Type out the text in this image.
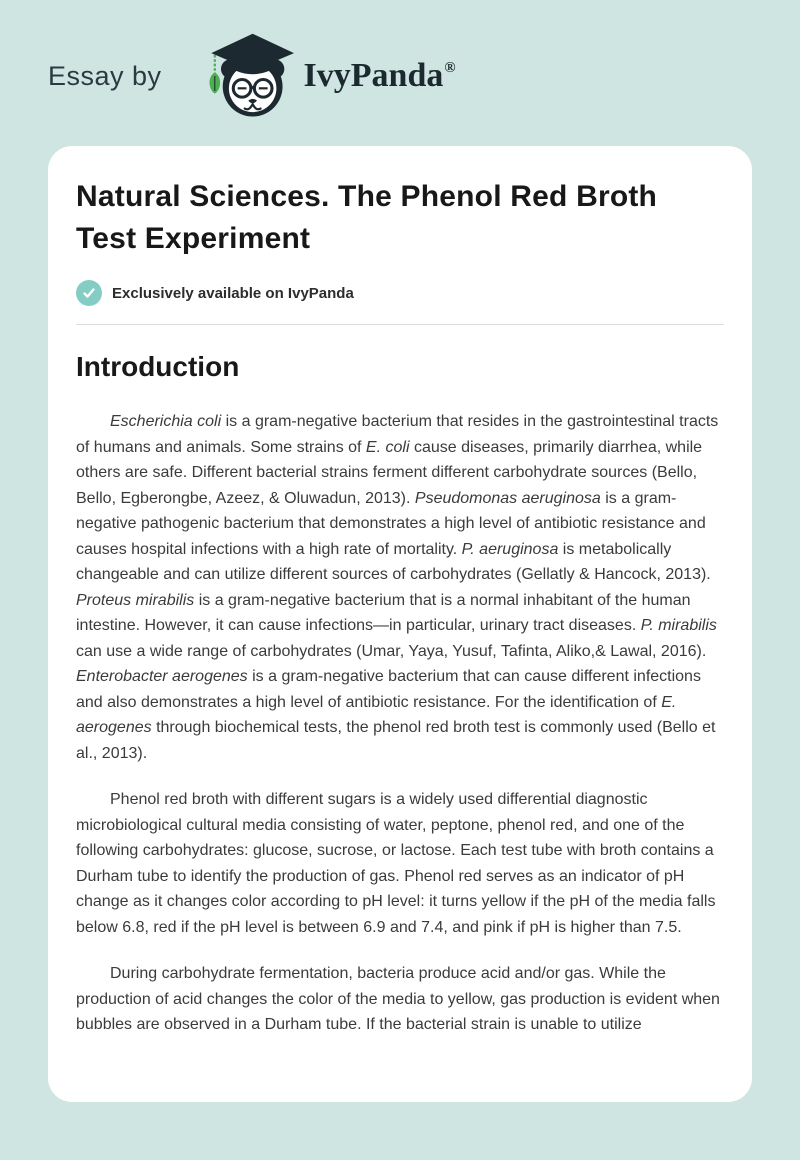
Essay by	IvyPanda®
Natural Sciences. The Phenol Red Broth Test Experiment
Exclusively available on IvyPanda
Introduction

Escherichia coli is a gram-negative bacterium that resides in the gastrointestinal tracts of humans and animals. Some strains of E. coli cause diseases, primarily diarrhea, while others are safe. Different bacterial strains ferment different carbohydrate sources (Bello, Bello, Egberongbe, Azeez, & Oluwadun, 2013). Pseudomonas aeruginosa is a gram-negative pathogenic bacterium that demonstrates a high level of antibiotic resistance and causes hospital infections with a high rate of mortality. P. aeruginosa is metabolically changeable and can utilize different sources of carbohydrates (Gellatly & Hancock, 2013). Proteus mirabilis is a gram-negative bacterium that is a normal inhabitant of the human intestine. However, it can cause infections—in particular, urinary tract diseases. P. mirabilis can use a wide range of carbohydrates (Umar, Yaya, Yusuf, Tafinta, Aliko,& Lawal, 2016). Enterobacter aerogenes is a gram-negative bacterium that can cause different infections and also demonstrates a high level of antibiotic resistance. For the identification of E. aerogenes through biochemical tests, the phenol red broth test is commonly used (Bello et al., 2013).

Phenol red broth with different sugars is a widely used differential diagnostic microbiological cultural media consisting of water, peptone, phenol red, and one of the following carbohydrates: glucose, sucrose, or lactose. Each test tube with broth contains a Durham tube to identify the production of gas. Phenol red serves as an indicator of pH change as it changes color according to pH level: it turns yellow if the pH of the media falls below 6.8, red if the pH level is between 6.9 and 7.4, and pink if pH is higher than 7.5.

During carbohydrate fermentation, bacteria produce acid and/or gas. While the production of acid changes the color of the media to yellow, gas production is evident when bubbles are observed in a Durham tube. If the bacterial strain is unable to utilize
